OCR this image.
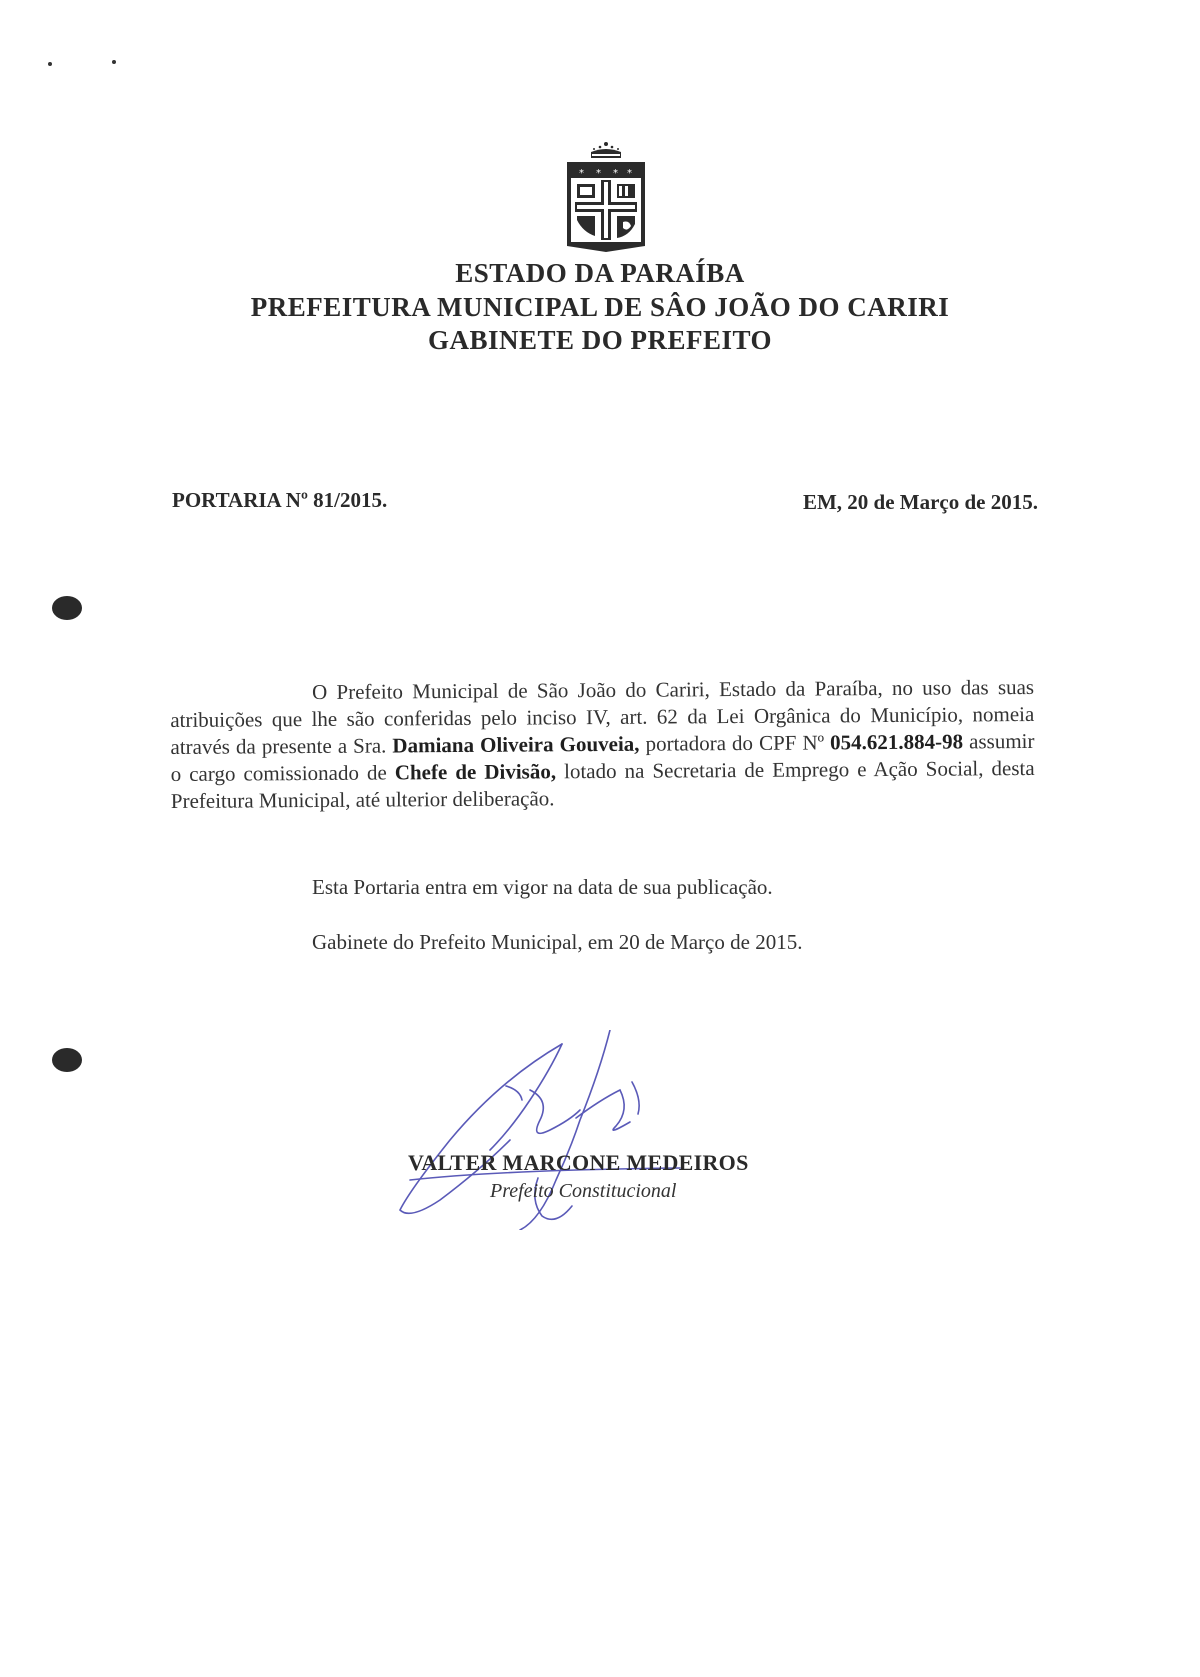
* * * *
ESTADO DA PARAÍBA
PREFEITURA MUNICIPAL DE SÂO JOÃO DO CARIRI
GABINETE DO PREFEITO
PORTARIA Nº 81/2015.	EM, 20 de Março de 2015.
O Prefeito Municipal de São João do Cariri, Estado da Paraíba, no uso das suas atribuições que lhe são conferidas pelo inciso IV, art. 62 da Lei Orgânica do Município, nomeia através da presente a Sra. Damiana Oliveira Gouveia, portadora do CPF Nº 054.621.884-98 assumir o cargo comissionado de Chefe de Divisão, lotado na Secretaria de Emprego e Ação Social, desta Prefeitura Municipal, até ulterior deliberação.
Esta Portaria entra em vigor na data de sua publicação.
Gabinete do Prefeito Municipal, em 20 de Março de 2015.
VALTER MARCONE MEDEIROS
Prefeito Constitucional
